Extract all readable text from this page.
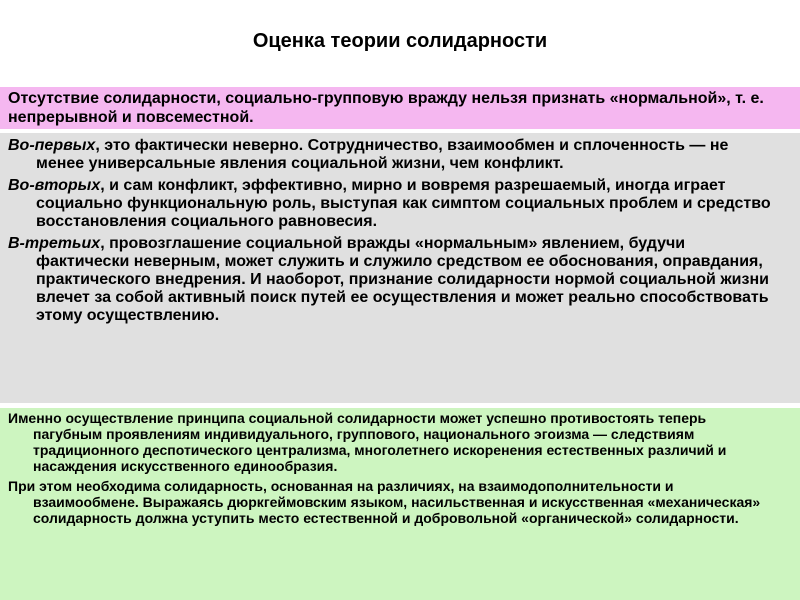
Оценка теории солидарности
Отсутствие солидарности, социально-групповую вражду нельзя признать «нормальной», т. е. непрерывной и повсеместной.

Во-первых, это фактически неверно. Сотрудничество, взаимообмен и сплоченность — не менее универсальные явления социальной жизни, чем конфликт.

Во-вторых, и сам конфликт, эффективно, мирно и вовремя разрешаемый, иногда играет социально функциональную роль, выступая как симптом социальных проблем и средство восстановления социального равновесия.

В-третьих, провозглашение социальной вражды «нормальным» явлением, будучи фактически неверным, может служить и служило средством ее обоснования, оправдания, практического внедрения. И наоборот, признание солидарности нормой социальной жизни влечет за собой активный поиск путей ее осуществления и может реально способствовать этому осуществлению.

Именно осуществление принципа социальной солидарности может успешно противостоять теперь пагубным проявлениям индивидуального, группового, национального эгоизма — следствиям традиционного деспотического централизма, многолетнего искоренения естественных различий и насаждения искусственного единообразия.

При этом необходима солидарность, основанная на различиях, на взаимодополнительности и взаимообмене. Выражаясь дюркгеймовским языком, насильственная и искусственная «механическая» солидарность должна уступить место естественной и добровольной «органической» солидарности.
